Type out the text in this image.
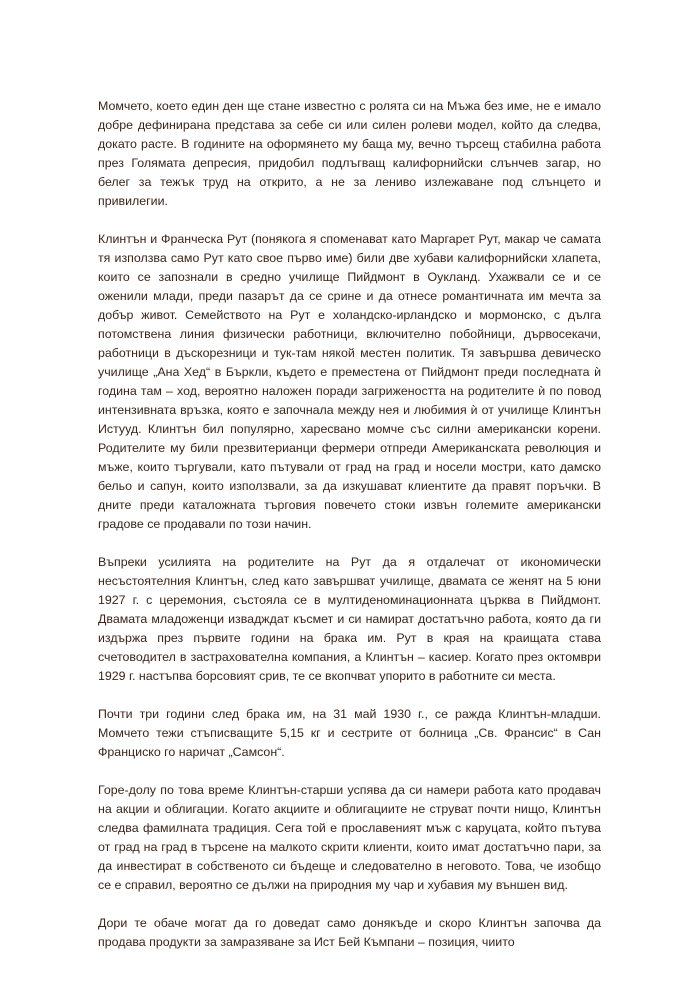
Момчето, което един ден ще стане известно с ролята си на Мъжа без име, не е имало добре дефинирана представа за себе си или силен ролеви модел, който да следва, докато расте. В годините на оформянето му баща му, вечно търсещ стабилна работа през Голямата депресия, придобил подлъгващ калифорнийски слънчев загар, но белег за тежък труд на открито, а не за лениво излежаване под слънцето и привилегии.

Клинтън и Франческа Рут (понякога я споменават като Маргарет Рут, макар че самата тя използва само Рут като свое първо име) били две хубави калифорнийски хлапета, които се запознали в средно училище Пийдмонт в Оукланд. Ухажвали се и се оженили млади, преди пазарът да се срине и да отнесе романтичната им мечта за добър живот. Семейството на Рут е холандско-ирландско и мормонско, с дълга потомствена линия физически работници, включително побойници, дървосекачи, работници в дъскорезници и тук-там някой местен политик. Тя завършва девическо училище „Ана Хед“ в Бъркли, където е преместена от Пийдмонт преди последната ѝ година там – ход, вероятно наложен поради загрижеността на родителите ѝ по повод интензивната връзка, която е започнала между нея и любимия ѝ от училище Клинтън Истууд. Клинтън бил популярно, харесвано момче със силни американски корени. Родителите му били презвитерианци фермери отпреди Американската революция и мъже, които търгували, като пътували от град на град и носели мостри, като дамско бельо и сапун, които използвали, за да изкушават клиентите да правят поръчки. В дните преди каталожната търговия повечето стоки извън големите американски градове се продавали по този начин.

Въпреки усилията на родителите на Рут да я отдалечат от икономически несъстоятелния Клинтън, след като завършват училище, двамата се женят на 5 юни 1927 г. с церемония, състояла се в мултиденоминационната църква в Пийдмонт. Двамата младоженци извадждат късмет и си намират достатъчно работа, която да ги издържа през първите години на брака им. Рут в края на краищата става счетоводител в застрахователна компания, а Клинтън – касиер. Когато през октомври 1929 г. настъпва борсовият срив, те се вкопчват упорито в работните си места.

Почти три години след брака им, на 31 май 1930 г., се ражда Клинтън-младши. Момчето тежи стъписващите 5,15 кг и сестрите от болница „Св. Франсис“ в Сан Франциско го наричат „Самсон“.

Горе-долу по това време Клинтън-старши успява да си намери работа като продавач на акции и облигации. Когато акциите и облигациите не струват почти нищо, Клинтън следва фамилната традиция. Сега той е прославеният мъж с каруцата, който пътува от град на град в търсене на малкото скрити клиенти, които имат достатъчно пари, за да инвестират в собственото си бъдеще и следователно в неговото. Това, че изобщо се е справил, вероятно се дължи на природния му чар и хубавия му външен вид.

Дори те обаче могат да го доведат само донякъде и скоро Клинтън започва да продава продукти за замразяване за Ист Бей Къмпани – позиция, чиито
